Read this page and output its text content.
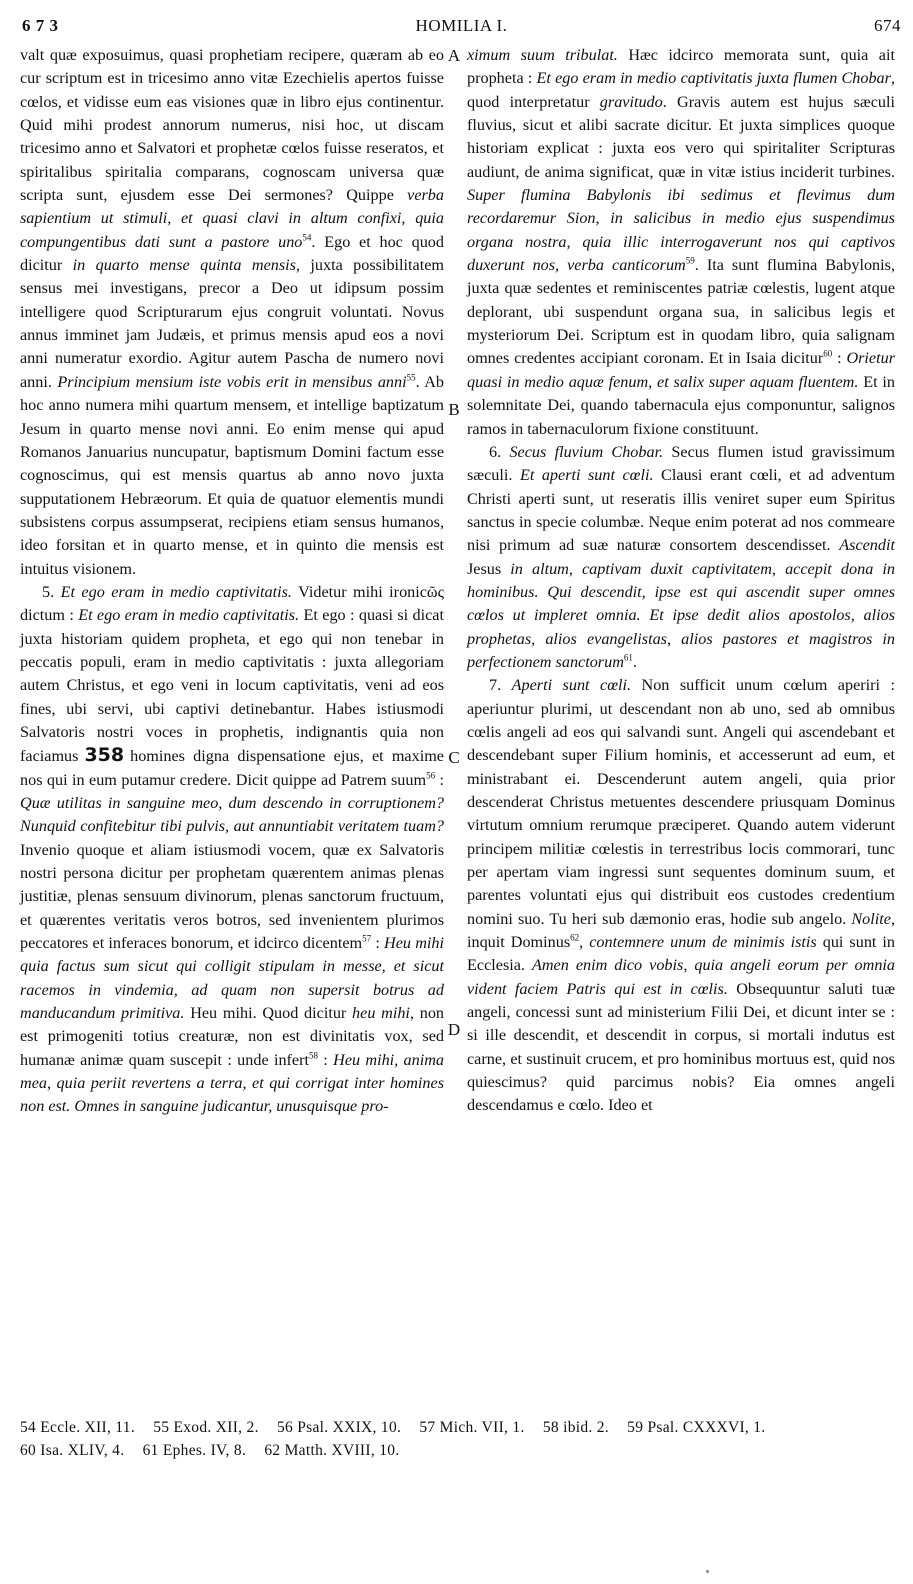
6 7 3	HOMILIA I.	674

valt quæ exposuimus, quasi prophetiam recipere, quæram ab eo cur scriptum est in tricesimo anno vitæ Ezechielis apertos fuisse cœlos, et vidisse eum eas visiones quæ in libro ejus continentur. Quid mihi prodest annorum numerus, nisi hoc, ut discam tricesimo anno et Salvatori et prophetæ cœlos fuisse reseratos, et spiritalibus spiritalia comparans, cognoscam universa quæ scripta sunt, ejusdem esse Dei sermones? Quippe verba sapientium ut stimuli, et quasi clavi in altum confixi, quia compungentibus dati sunt a pastore uno$^{54}$. Ego et hoc quod dicitur in quarto mense quinta mensis, juxta possibilitatem sensus mei investigans, precor a Deo ut idipsum possim intelligere quod Scripturarum ejus congruit voluntati. Novus annus imminet jam Judæis, et primus mensis apud eos a novi anni numeratur exordio. Agitur autem Pascha de numero novi anni. Principium mensium iste vobis erit in mensibus anni$^{55}$. Ab hoc anno numera mihi quartum mensem, et intellige baptizatum Jesum in quarto mense novi anni. Eo enim mense qui apud Romanos Januarius nuncupatur, baptismum Domini factum esse cognoscimus, qui est mensis quartus ab anno novo juxta supputationem Hebræorum. Et quia de quatuor elementis mundi subsistens corpus assumpserat, recipiens etiam sensus humanos, ideo forsitan et in quarto mense, et in quinto die mensis est intuitus visionem.

5. Et ego eram in medio captivitatis. Videtur mihi ironicῶς dictum : Et ego eram in medio captivitatis. Et ego : quasi si dicat juxta historiam quidem propheta, et ego qui non tenebar in peccatis populi, eram in medio captivitatis : juxta allegoriam autem Christus, et ego veni in locum captivitatis, veni ad eos fines, ubi servi, ubi captivi detinebantur. Habes istiusmodi Salvatoris nostri voces in prophetis, indignantis quia non faciamus 358 homines digna dispensatione ejus, et maxime nos qui in eum putamur credere. Dicit quippe ad Patrem suum$^{56}$ : Quæ utilitas in sanguine meo, dum descendo in corruptionem? Nunquid confitebitur tibi pulvis, aut annuntiabit veritatem tuam? Invenio quoque et aliam istiusmodi vocem, quæ ex Salvatoris nostri persona dicitur per prophetam quærentem animas plenas justitiæ, plenas sensuum divinorum, plenas sanctorum fructuum, et quærentes veritatis veros botros, sed invenientem plurimos peccatores et inferaces bonorum, et idcirco dicentem$^{57}$ : Heu mihi quia factus sum sicut qui colligit stipulam in messe, et sicut racemos in vindemia, ad quam non supersit botrus ad manducandum primitiva. Heu mihi. Quod dicitur heu mihi, non est primogeniti totius creaturæ, non est divinitatis vox, sed humanæ animæ quam suscepit : unde infert$^{58}$ : Heu mihi, anima mea, quia periit revertens a terra, et qui corrigat inter homines non est. Omnes in sanguine judicantur, unusquisque pro-

A
B
C
D

ximum suum tribulat. Hæc idcirco memorata sunt, quia ait propheta : Et ego eram in medio captivitatis juxta flumen Chobar, quod interpretatur gravitudo. Gravis autem est hujus sæculi fluvius, sicut et alibi sacrate dicitur. Et juxta simplices quoque historiam explicat : juxta eos vero qui spiritaliter Scripturas audiunt, de anima significat, quæ in vitæ istius inciderit turbines. Super flumina Babylonis ibi sedimus et flevimus dum recordaremur Sion, in salicibus in medio ejus suspendimus organa nostra, quia illic interrogaverunt nos qui captivos duxerunt nos, verba canticorum$^{59}$. Ita sunt flumina Babylonis, juxta quæ sedentes et reminiscentes patriæ cœlestis, lugent atque deplorant, ubi suspendunt organa sua, in salicibus legis et mysteriorum Dei. Scriptum est in quodam libro, quia salignam omnes credentes accipiant coronam. Et in Isaia dicitur$^{60}$ : Orietur quasi in medio aquæ fenum, et salix super aquam fluentem. Et in solemnitate Dei, quando tabernacula ejus componuntur, salignos ramos in tabernaculorum fixione constituunt.

6. Secus fluvium Chobar. Secus flumen istud gravissimum sæculi. Et aperti sunt cœli. Clausi erant cœli, et ad adventum Christi aperti sunt, ut reseratis illis veniret super eum Spiritus sanctus in specie columbæ. Neque enim poterat ad nos commeare nisi primum ad suæ naturæ consortem descendisset. Ascendit Jesus in altum, captivam duxit captivitatem, accepit dona in hominibus. Qui descendit, ipse est qui ascendit super omnes cœlos ut impleret omnia. Et ipse dedit alios apostolos, alios prophetas, alios evangelistas, alios pastores et magistros in perfectionem sanctorum$^{61}$.

7. Aperti sunt cœli. Non sufficit unum cœlum aperiri : aperiuntur plurimi, ut descendant non ab uno, sed ab omnibus cœlis angeli ad eos qui salvandi sunt. Angeli qui ascendebant et descendebant super Filium hominis, et accesserunt ad eum, et ministrabant ei. Descenderunt autem angeli, quia prior descenderat Christus metuentes descendere priusquam Dominus virtutum omnium rerumque præciperet. Quando autem viderunt principem militiæ cœlestis in terrestribus locis commorari, tunc per apertam viam ingressi sunt sequentes dominum suum, et parentes voluntati ejus qui distribuit eos custodes credentium nomini suo. Tu heri sub dæmonio eras, hodie sub angelo. Nolite, inquit Dominus$^{62}$, contemnere unum de minimis istis qui sunt in Ecclesia. Amen enim dico vobis, quia angeli eorum per omnia vident faciem Patris qui est in cœlis. Obsequuntur saluti tuæ angeli, concessi sunt ad ministerium Filii Dei, et dicunt inter se : si ille descendit, et descendit in corpus, si mortali indutus est carne, et sustinuit crucem, et pro hominibus mortuus est, quid nos quiescimus? quid parcimus nobis? Eia omnes angeli descendamus e cœlo. Ideo et

54 Eccle. XII, 11. 55 Exod. XII, 2. 56 Psal. XXIX, 10. 57 Mich. VII, 1. 58 ibid. 2. 59 Psal. CXXXVI, 1.
60 Isa. XLIV, 4. 61 Ephes. IV, 8. 62 Matth. XVIII, 10.
